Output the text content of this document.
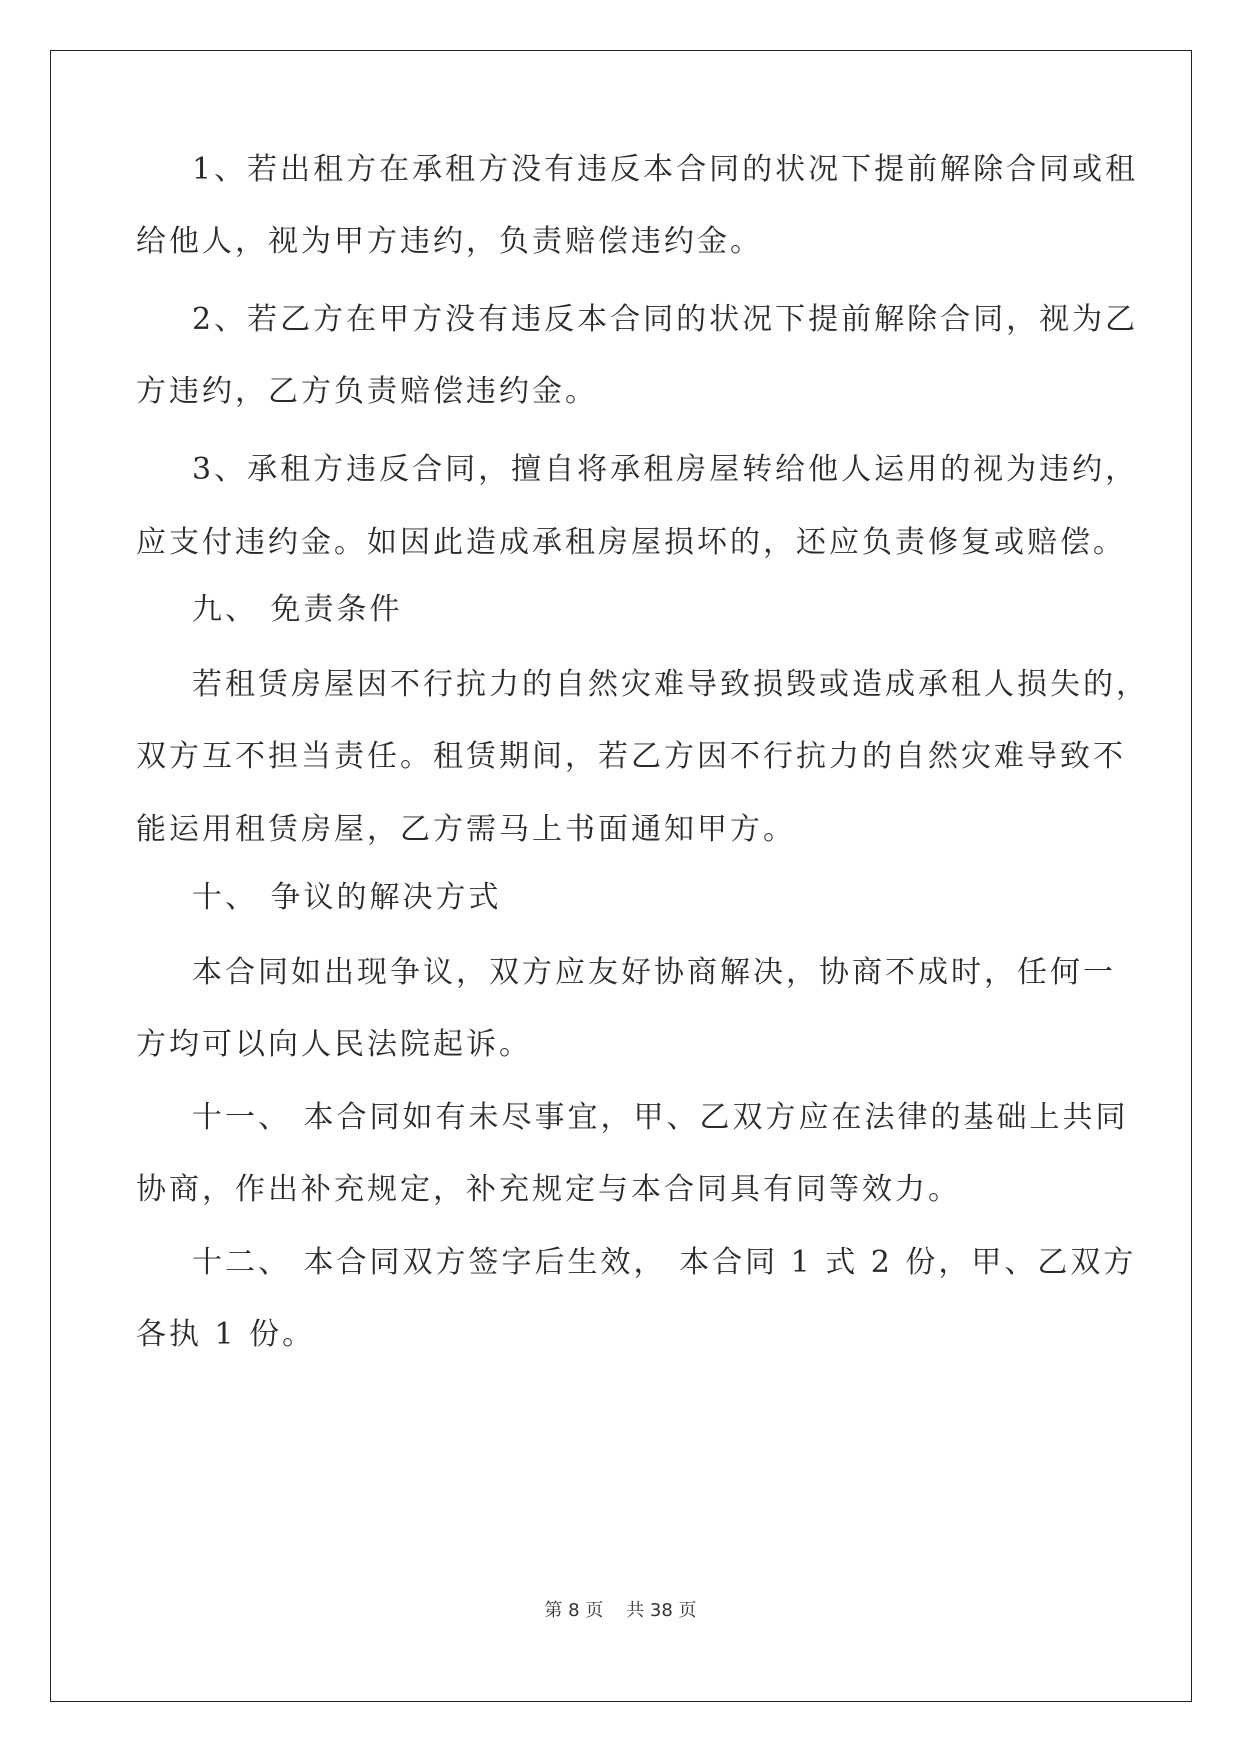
1、若出租方在承租方没有违反本合同的状况下提前解除合同或租

给他人，视为甲方违约，负责赔偿违约金。

2、若乙方在甲方没有违反本合同的状况下提前解除合同，视为乙

方违约，乙方负责赔偿违约金。

3、承租方违反合同，擅自将承租房屋转给他人运用的视为违约，

应支付违约金。如因此造成承租房屋损坏的，还应负责修复或赔偿。

九、 免责条件

若租赁房屋因不行抗力的自然灾难导致损毁或造成承租人损失的，

双方互不担当责任。租赁期间，若乙方因不行抗力的自然灾难导致不

能运用租赁房屋，乙方需马上书面通知甲方。

十、 争议的解决方式

本合同如出现争议，双方应友好协商解决，协商不成时，任何一

方均可以向人民法院起诉。

十一、 本合同如有未尽事宜，甲、乙双方应在法律的基础上共同

协商，作出补充规定，补充规定与本合同具有同等效力。

十二、 本合同双方签字后生效， 本合同 1 式 2 份，甲、乙双方

各执 1 份。

第 8 页    共 38 页
